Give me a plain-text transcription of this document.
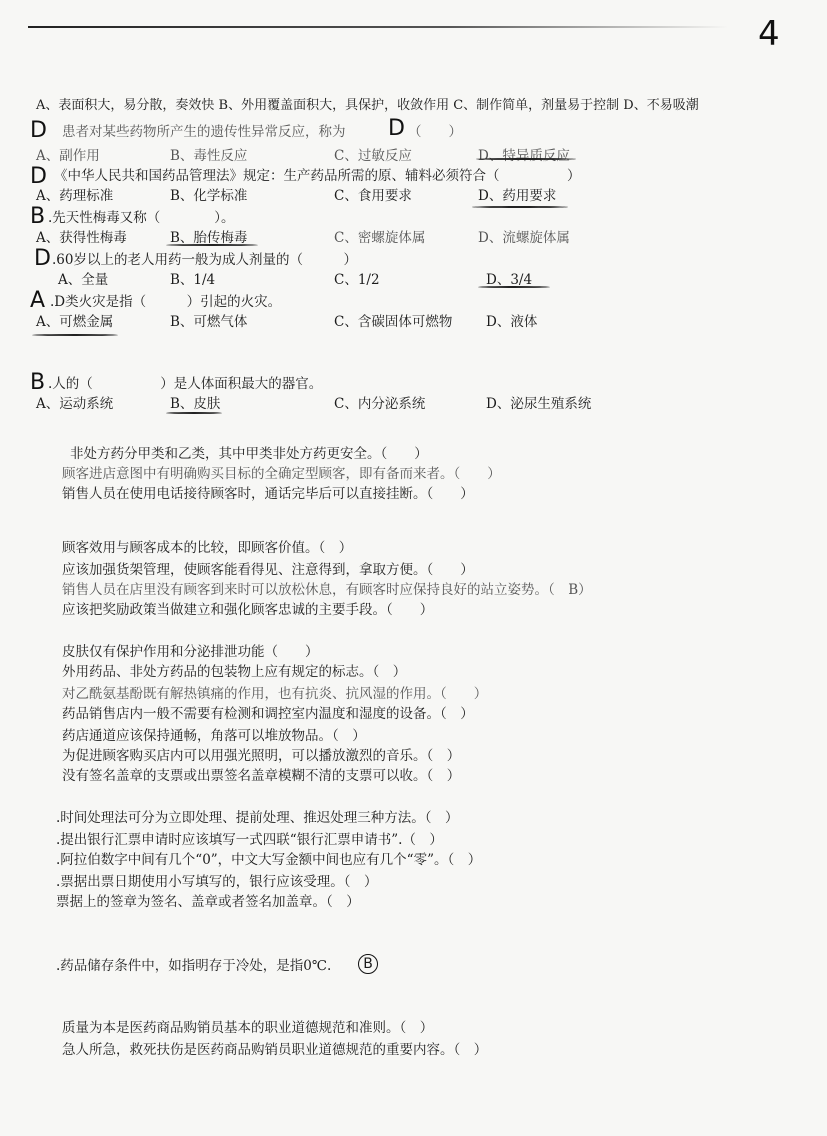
4
A、表面积大，易分散，奏效快 B、外用覆盖面积大，具保护，收敛作用 C、制作简单，剂量易于控制 D、不易吸潮
D 患者对某些药物所产生的遗传性异常反应，称为 D （　　）
A、副作用	B、毒性反应	C、过敏反应	D、特异质反应
D 《中华人民共和国药品管理法》规定：生产药品所需的原、辅料必须符合（　　　　　）
A、药理标准	B、化学标准	C、食用要求	D、药用要求
B .先天性梅毒又称（　　　　）。
A、获得性梅毒	B、胎传梅毒	C、密螺旋体属	D、流螺旋体属
D .60岁以上的老人用药一般为成人剂量的（　　　）
A、全量	B、1/4	C、1/2	D、3/4
A .D类火灾是指（　　　）引起的火灾。
A、可燃金属	B、可燃气体	C、含碳固体可燃物 D、液体
B .人的（　　　　　）是人体面积最大的器官。
A、运动系统	B、皮肤	C、内分泌系统	D、泌尿生殖系统
非处方药分甲类和乙类，其中甲类非处方药更安全。（　　）
顾客进店意图中有明确购买目标的全确定型顾客，即有备而来者。（　　）
销售人员在使用电话接待顾客时，通话完毕后可以直接挂断。（　　）
顾客效用与顾客成本的比较，即顾客价值。（　）
应该加强货架管理，使顾客能看得见、注意得到，拿取方便。（　　）
销售人员在店里没有顾客到来时可以放松休息，有顾客时应保持良好的站立姿势。（　B）
应该把奖励政策当做建立和强化顾客忠诚的主要手段。（　　）
皮肤仅有保护作用和分泌排泄功能（　　）
外用药品、非处方药品的包装物上应有规定的标志。（　）
对乙酰氨基酚既有解热镇痛的作用，也有抗炎、抗风湿的作用。（　　）
药品销售店内一般不需要有检测和调控室内温度和湿度的设备。（　）
药店通道应该保持通畅，角落可以堆放物品。（　）
为促进顾客购买店内可以用强光照明，可以播放激烈的音乐。（　）
没有签名盖章的支票或出票签名盖章模糊不清的支票可以收。（　）
.时间处理法可分为立即处理、提前处理、推迟处理三种方法。（　）
.提出银行汇票申请时应该填写一式四联“银行汇票申请书”.（　）
.阿拉伯数字中间有几个“0”，中文大写金额中间也应有几个“零”。（　）
.票据出票日期使用小写填写的，银行应该受理。（　）
票据上的签章为签名、盖章或者签名加盖章。（　）
.药品储存条件中，如指明存于冷处，是指0℃.	B
质量为本是医药商品购销员基本的职业道德规范和准则。（　）
急人所急，救死扶伤是医药商品购销员职业道德规范的重要内容。（　）
